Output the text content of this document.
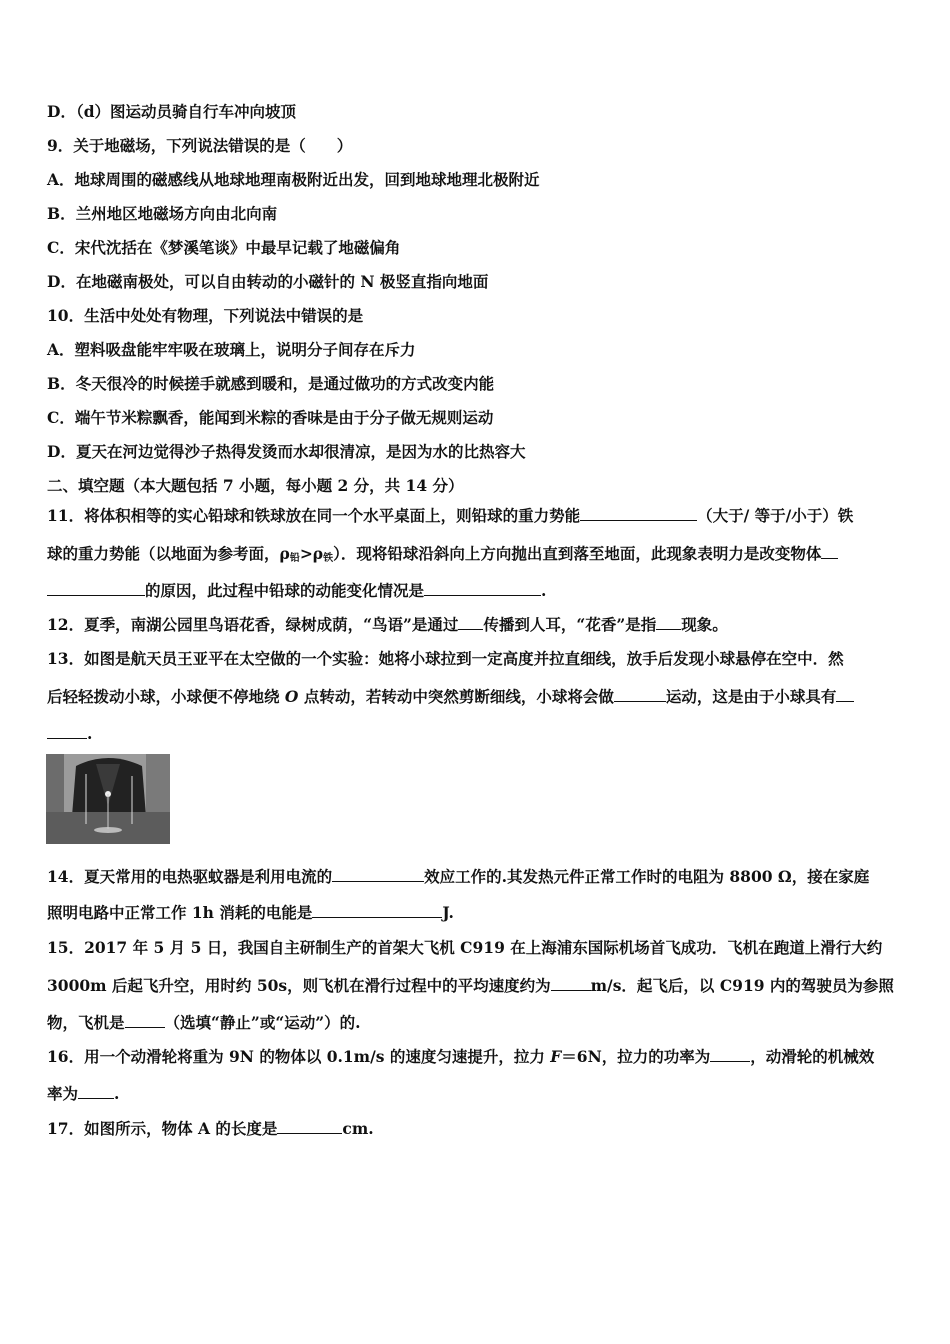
D．（d）图运动员骑自行车冲向坡顶
9．关于地磁场，下列说法错误的是（　　）
A．地球周围的磁感线从地球地理南极附近出发，回到地球地理北极附近
B．兰州地区地磁场方向由北向南
C．宋代沈括在《梦溪笔谈》中最早记载了地磁偏角
D．在地磁南极处，可以自由转动的小磁针的 N 极竖直指向地面
10．生活中处处有物理，下列说法中错误的是
A．塑料吸盘能牢牢吸在玻璃上，说明分子间存在斥力
B．冬天很冷的时候搓手就感到暖和，是通过做功的方式改变内能
C．端午节米粽飘香，能闻到米粽的香味是由于分子做无规则运动
D．夏天在河边觉得沙子热得发烫而水却很清凉，是因为水的比热容大
二、填空题（本大题包括 7 小题，每小题 2 分，共 14 分）
11．将体积相等的实心铅球和铁球放在同一个水平桌面上，则铅球的重力势能	（大于/ 等于/小于）铁
球的重力势能（以地面为参考面，$\rho_铅>\rho_铁$）．现将铅球沿斜向上方向抛出直到落至地面，此现象表明力是改变物体
的原因，此过程中铅球的动能变化情况是	.
12．夏季，南湖公园里鸟语花香，绿树成荫，“鸟语”是通过 传播到人耳，“花香”是指 现象。
13．如图是航天员王亚平在太空做的一个实验：她将小球拉到一定高度并拉直细线，放手后发现小球悬停在空中．然
后轻轻拨动小球，小球便不停地绕 O 点转动，若转动中突然剪断细线，小球将会做	运动，这是由于小球具有
.
14．夏天常用的电热驱蚊器是利用电流的	效应工作的.其发热元件正常工作时的电阻为 8800 Ω，接在家庭
照明电路中正常工作 1h 消耗的电能是	J.
15．2017 年 5 月 5 日，我国自主研制生产的首架大飞机 C919 在上海浦东国际机场首飞成功．飞机在跑道上滑行大约
3000m 后起飞升空，用时约 50s，则飞机在滑行过程中的平均速度约为	m/s．起飞后，以 C919 内的驾驶员为参照
物，飞机是	（选填“静止”或“运动”）的.
16．用一个动滑轮将重为 9N 的物体以 0.1m/s 的速度匀速提升，拉力 F＝6N，拉力的功率为	，动滑轮的机械效
率为 .
17．如图所示，物体 A 的长度是	cm.
